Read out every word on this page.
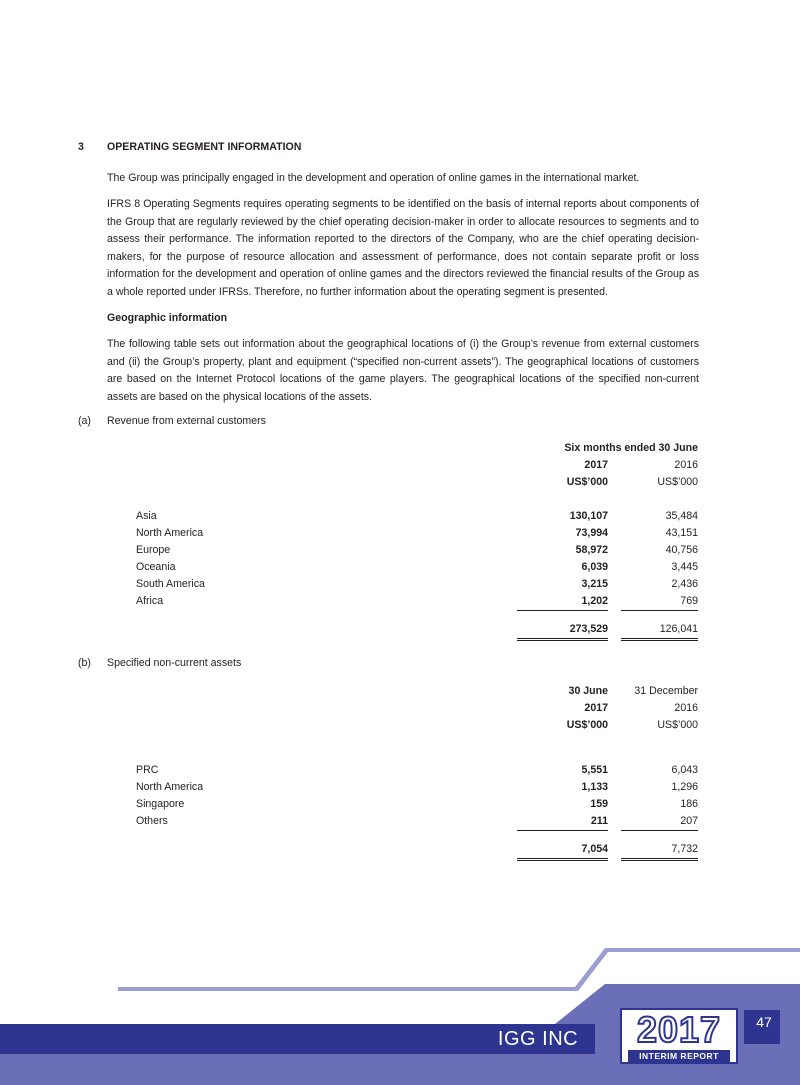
3 OPERATING SEGMENT INFORMATION

The Group was principally engaged in the development and operation of online games in the international market.

IFRS 8 Operating Segments requires operating segments to be identified on the basis of internal reports about components of the Group that are regularly reviewed by the chief operating decision-maker in order to allocate resources to segments and to assess their performance. The information reported to the directors of the Company, who are the chief operating decision-makers, for the purpose of resource allocation and assessment of performance, does not contain separate profit or loss information for the development and operation of online games and the directors reviewed the financial results of the Group as a whole reported under IFRSs. Therefore, no further information about the operating segment is presented.

Geographic information

The following table sets out information about the geographical locations of (i) the Group’s revenue from external customers and (ii) the Group’s property, plant and equipment (“specified non-current assets”). The geographical locations of customers are based on the Internet Protocol locations of the game players. The geographical locations of the specified non-current assets are based on the physical locations of the assets.

(a) Revenue from external customers
	Six months ended 30 June		
	2017		2016
	US$’000		US$’000

Asia	130,107		35,484
North America	73,994		43,151
Europe	58,972		40,756
Oceania	6,039		3,445
South America	3,215		2,436
Africa	1,202		769

	273,529		126,041
(b) Specified non-current assets
	30 June		31 December
	2017		2016
	US$’000		US$’000

PRC	5,551		6,043
North America	1,133		1,296
Singapore	159		186
Others	211		207

	7,054		7,732
IGG INC
47
2017
INTERIM REPORT
